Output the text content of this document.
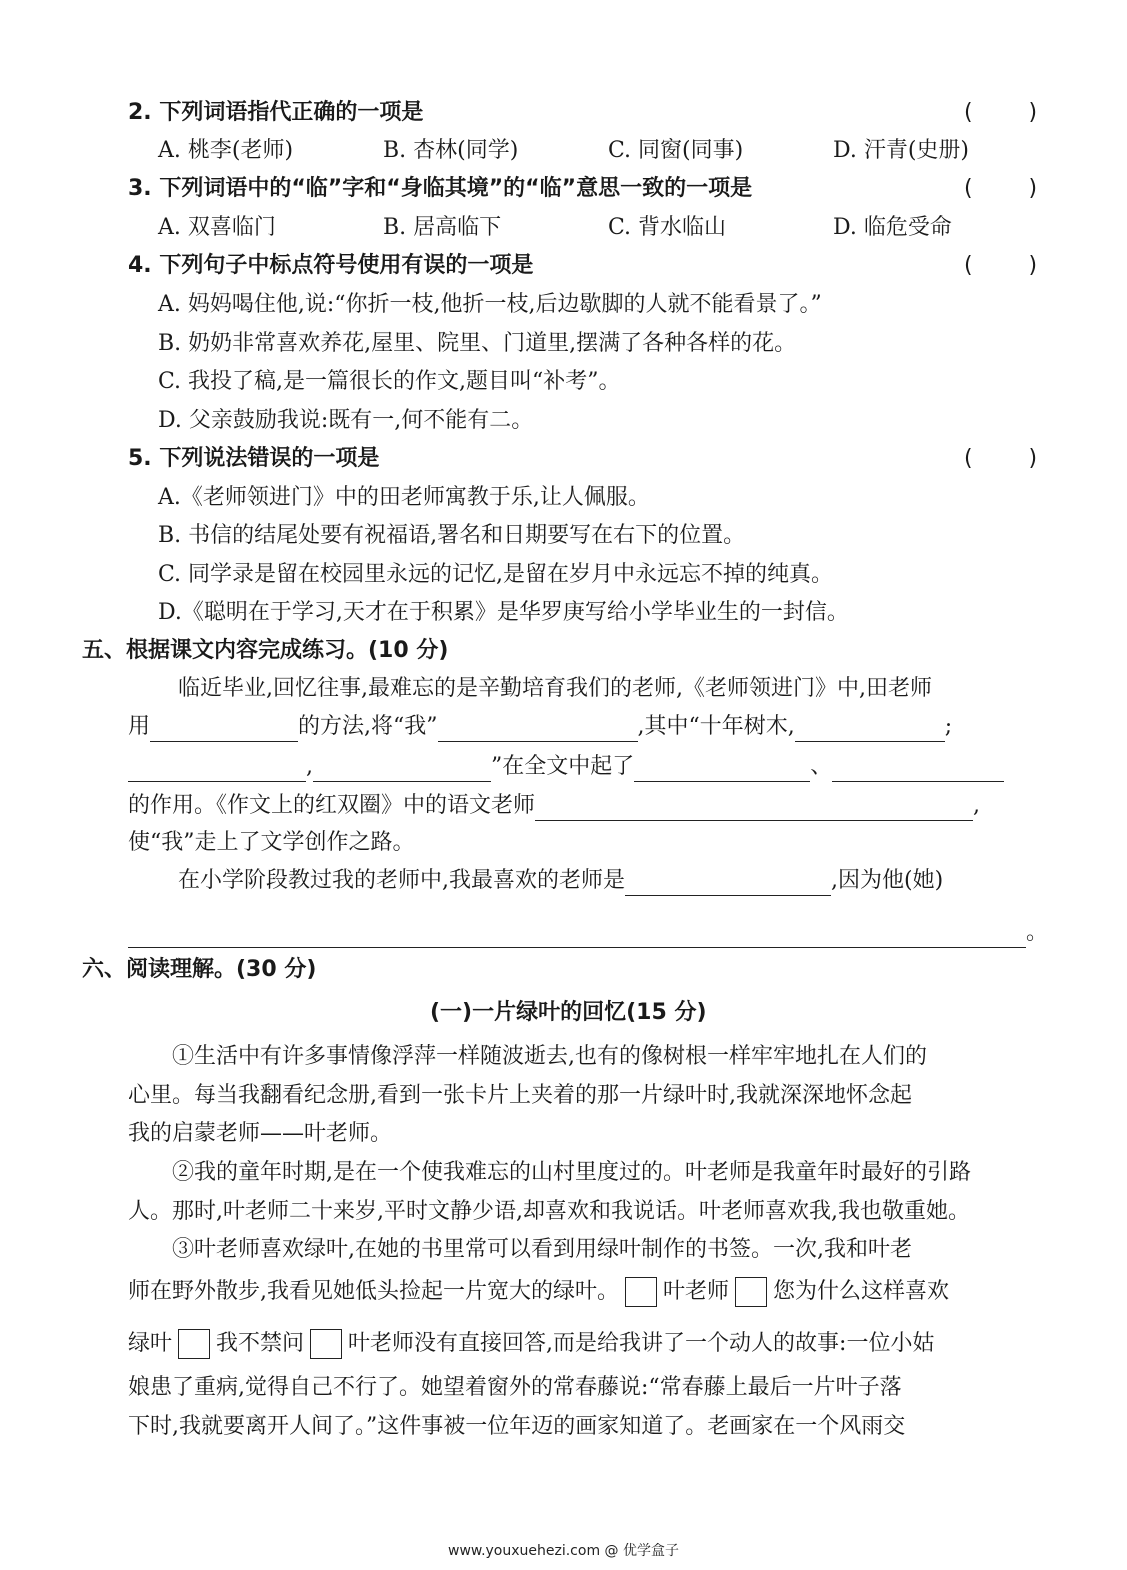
2. 下列词语指代正确的一项是	(        )
A. 桃李(老师)	B. 杏林(同学)	C. 同窗(同事)	D. 汗青(史册)
3. 下列词语中的“临”字和“身临其境”的“临”意思一致的一项是	(        )
A. 双喜临门	B. 居高临下	C. 背水临山	D. 临危受命
4. 下列句子中标点符号使用有误的一项是	(        )
A. 妈妈喝住他,说:“你折一枝,他折一枝,后边歇脚的人就不能看景了。”
B. 奶奶非常喜欢养花,屋里、院里、门道里,摆满了各种各样的花。
C. 我投了稿,是一篇很长的作文,题目叫“补考”。
D. 父亲鼓励我说:既有一,何不能有二。
5. 下列说法错误的一项是	(        )
A.《老师领进门》中的田老师寓教于乐,让人佩服。
B. 书信的结尾处要有祝福语,署名和日期要写在右下的位置。
C. 同学录是留在校园里永远的记忆,是留在岁月中永远忘不掉的纯真。
D.《聪明在于学习,天才在于积累》是华罗庚写给小学毕业生的一封信。
五、根据课文内容完成练习。(10 分)
临近毕业,回忆往事,最难忘的是辛勤培育我们的老师,《老师领进门》中,田老师
用	的方法,将“我”	,其中“十年树木,	;
,	”在全文中起了	、
的作用。《作文上的红双圈》中的语文老师	,
使“我”走上了文学创作之路。
在小学阶段教过我的老师中,我最喜欢的老师是	,因为他(她)
。
六、阅读理解。(30 分)
(一)一片绿叶的回忆(15 分)
①生活中有许多事情像浮萍一样随波逝去,也有的像树根一样牢牢地扎在人们的
心里。每当我翻看纪念册,看到一张卡片上夹着的那一片绿叶时,我就深深地怀念起
我的启蒙老师——叶老师。
②我的童年时期,是在一个使我难忘的山村里度过的。叶老师是我童年时最好的引路
人。那时,叶老师二十来岁,平时文静少语,却喜欢和我说话。叶老师喜欢我,我也敬重她。
③叶老师喜欢绿叶,在她的书里常可以看到用绿叶制作的书签。一次,我和叶老
师在野外散步,我看见她低头捡起一片宽大的绿叶。 叶老师 您为什么这样喜欢
绿叶 我不禁问 叶老师没有直接回答,而是给我讲了一个动人的故事:一位小姑
娘患了重病,觉得自己不行了。她望着窗外的常春藤说:“常春藤上最后一片叶子落
下时,我就要离开人间了。”这件事被一位年迈的画家知道了。老画家在一个风雨交
www.youxuehezi.com @ 优学盒子
